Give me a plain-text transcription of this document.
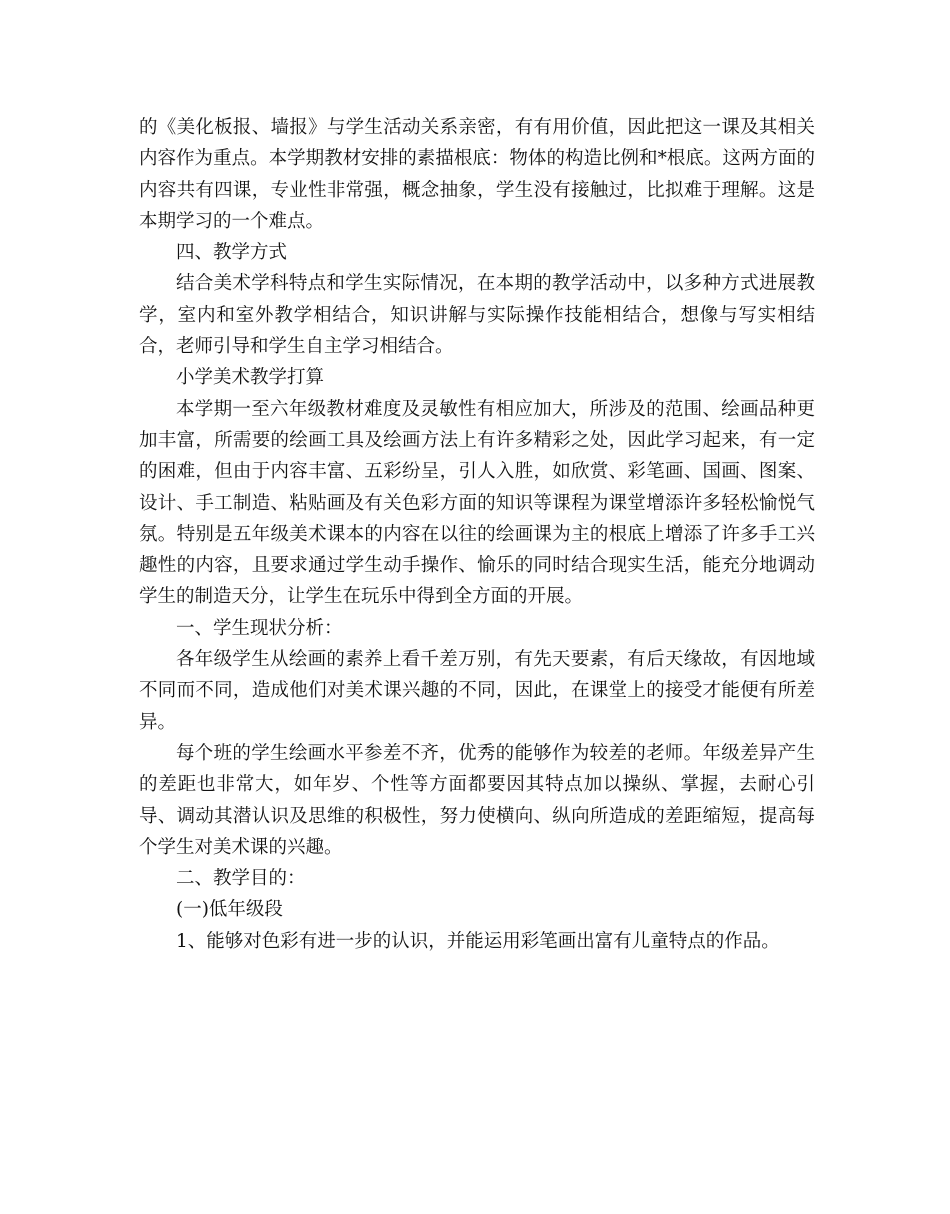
的《美化板报、墙报》与学生活动关系亲密，有有用价值，因此把这一课及其相关内容作为重点。本学期教材安排的素描根底：物体的构造比例和*根底。这两方面的内容共有四课，专业性非常强，概念抽象，学生没有接触过，比拟难于理解。这是本期学习的一个难点。

四、教学方式

结合美术学科特点和学生实际情况，在本期的教学活动中，以多种方式进展教学，室内和室外教学相结合，知识讲解与实际操作技能相结合，想像与写实相结合，老师引导和学生自主学习相结合。

小学美术教学打算

本学期一至六年级教材难度及灵敏性有相应加大，所涉及的范围、绘画品种更加丰富，所需要的绘画工具及绘画方法上有许多精彩之处，因此学习起来，有一定的困难，但由于内容丰富、五彩纷呈，引人入胜，如欣赏、彩笔画、国画、图案、设计、手工制造、粘贴画及有关色彩方面的知识等课程为课堂增添许多轻松愉悦气氛。特别是五年级美术课本的内容在以往的绘画课为主的根底上增添了许多手工兴趣性的内容，且要求通过学生动手操作、愉乐的同时结合现实生活，能充分地调动学生的制造天分，让学生在玩乐中得到全方面的开展。

一、学生现状分析：

各年级学生从绘画的素养上看千差万别，有先天要素，有后天缘故，有因地域不同而不同，造成他们对美术课兴趣的不同，因此，在课堂上的接受才能便有所差异。

每个班的学生绘画水平参差不齐，优秀的能够作为较差的老师。年级差异产生的差距也非常大，如年岁、个性等方面都要因其特点加以操纵、掌握，去耐心引导、调动其潜认识及思维的积极性，努力使横向、纵向所造成的差距缩短，提高每个学生对美术课的兴趣。

二、教学目的：

(一)低年级段

1、能够对色彩有进一步的认识，并能运用彩笔画出富有儿童特点的作品。
